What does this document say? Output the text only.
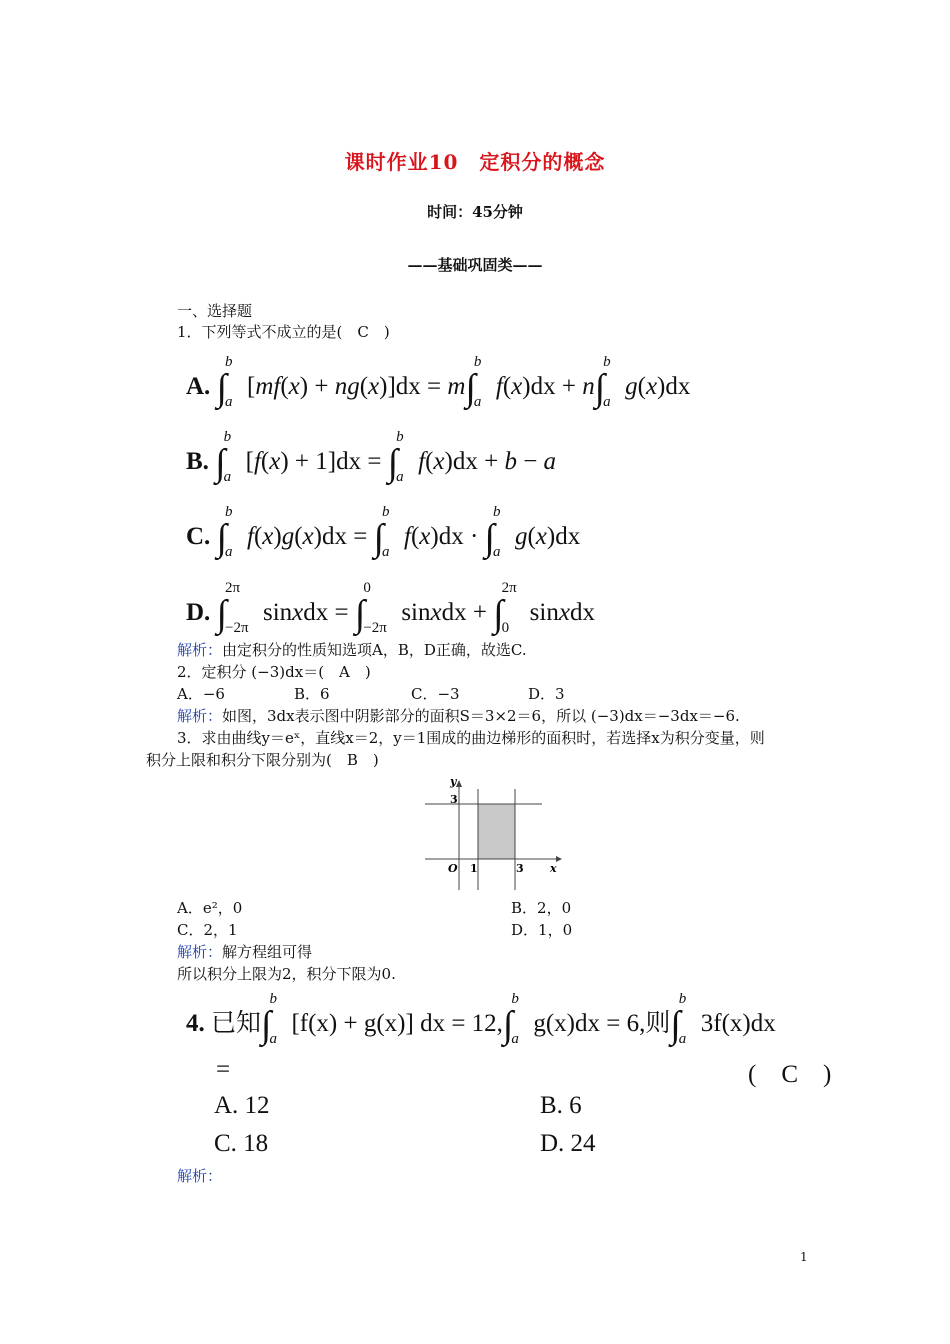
课时作业10　定积分的概念
时间：45分钟
——基础巩固类——
一、选择题
1．下列等式不成立的是(　C　)
A. ∫
b
a
[mf(x) + ng(x)]dx = m∫
b
a
f(x)dx + n∫
b
a
g(x)dx
B. ∫
b
a
[f(x) + 1]dx = ∫
b
a
f(x)dx + b − a
C. ∫
b
a
f(x)g(x)dx = ∫
b
a
f(x)dx · ∫
b
a
g(x)dx
D. ∫
2π
−2π
sinxdx = ∫
0
−2π
sinxdx + ∫
2π
0
sinxdx
解析：由定积分的性质知选项A，B，D正确，故选C.
2．定积分 (−3)dx＝(　A　)
A．−6	B．6	C．−3	D．3
解析：如图，3dx表示图中阴影部分的面积S＝3×2＝6，所以 (−3)dx＝−3dx＝−6.
3．求由曲线y＝eˣ，直线x＝2，y＝1围成的曲边梯形的面积时，若选择x为积分变量，则
积分上限和积分下限分别为(　B　)
y
x
O 1	3
3
A．e²，0	B．2，0
C．2，1	D．1，0
解析：解方程组可得
所以积分上限为2，积分下限为0.
4. 已知∫
b
a
[f(x) + g(x)] dx = 12,∫
b
a
g(x)dx = 6,则∫
b
a
3f(x)dx
=	(　C　)
A. 12	B. 6
C. 18	D. 24
解析：
1
